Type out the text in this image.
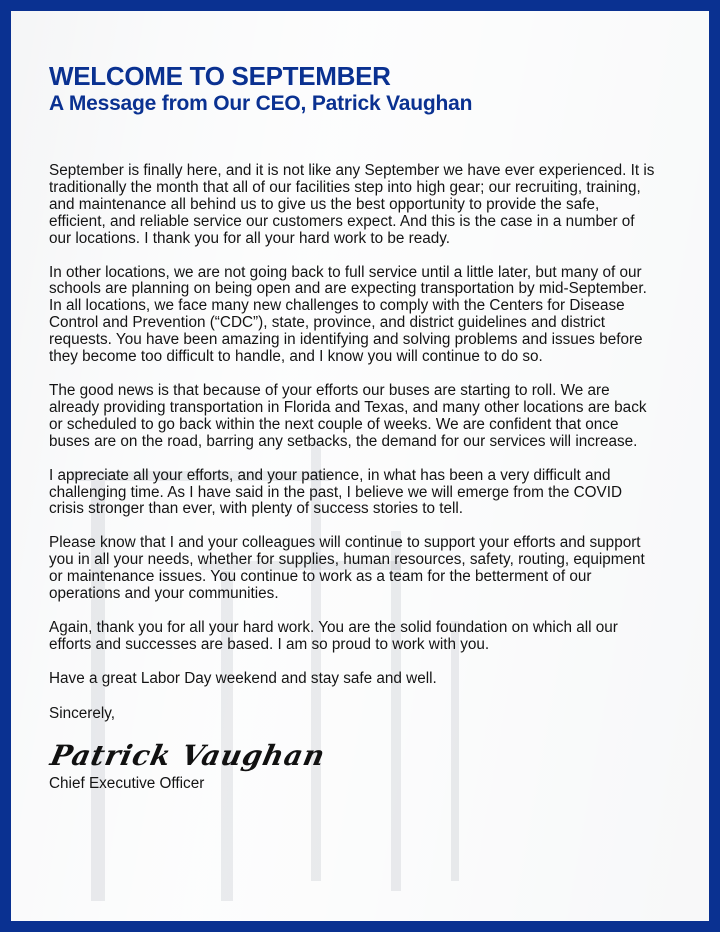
WELCOME TO SEPTEMBER
A Message from Our CEO, Patrick Vaughan

September is finally here, and it is not like any September we have ever experienced. It is traditionally the month that all of our facilities step into high gear; our recruiting, training, and maintenance all behind us to give us the best opportunity to provide the safe, efficient, and reliable service our customers expect. And this is the case in a number of our locations. I thank you for all your hard work to be ready.

In other locations, we are not going back to full service until a little later, but many of our schools are planning on being open and are expecting transportation by mid-September. In all locations, we face many new challenges to comply with the Centers for Disease Control and Prevention (“CDC”), state, province, and district guidelines and district requests. You have been amazing in identifying and solving problems and issues before they become too difficult to handle, and I know you will continue to do so.

The good news is that because of your efforts our buses are starting to roll. We are already providing transportation in Florida and Texas, and many other locations are back or scheduled to go back within the next couple of weeks. We are confident that once buses are on the road, barring any setbacks, the demand for our services will increase.

I appreciate all your efforts, and your patience, in what has been a very difficult and challenging time. As I have said in the past, I believe we will emerge from the COVID crisis stronger than ever, with plenty of success stories to tell.

Please know that I and your colleagues will continue to support your efforts and support you in all your needs, whether for supplies, human resources, safety, routing, equipment or maintenance issues. You continue to work as a team for the betterment of our operations and your communities.

Again, thank you for all your hard work. You are the solid foundation on which all our efforts and successes are based. I am so proud to work with you.

Have a great Labor Day weekend and stay safe and well.

Sincerely,
Patrick Vaughan
Chief Executive Officer
